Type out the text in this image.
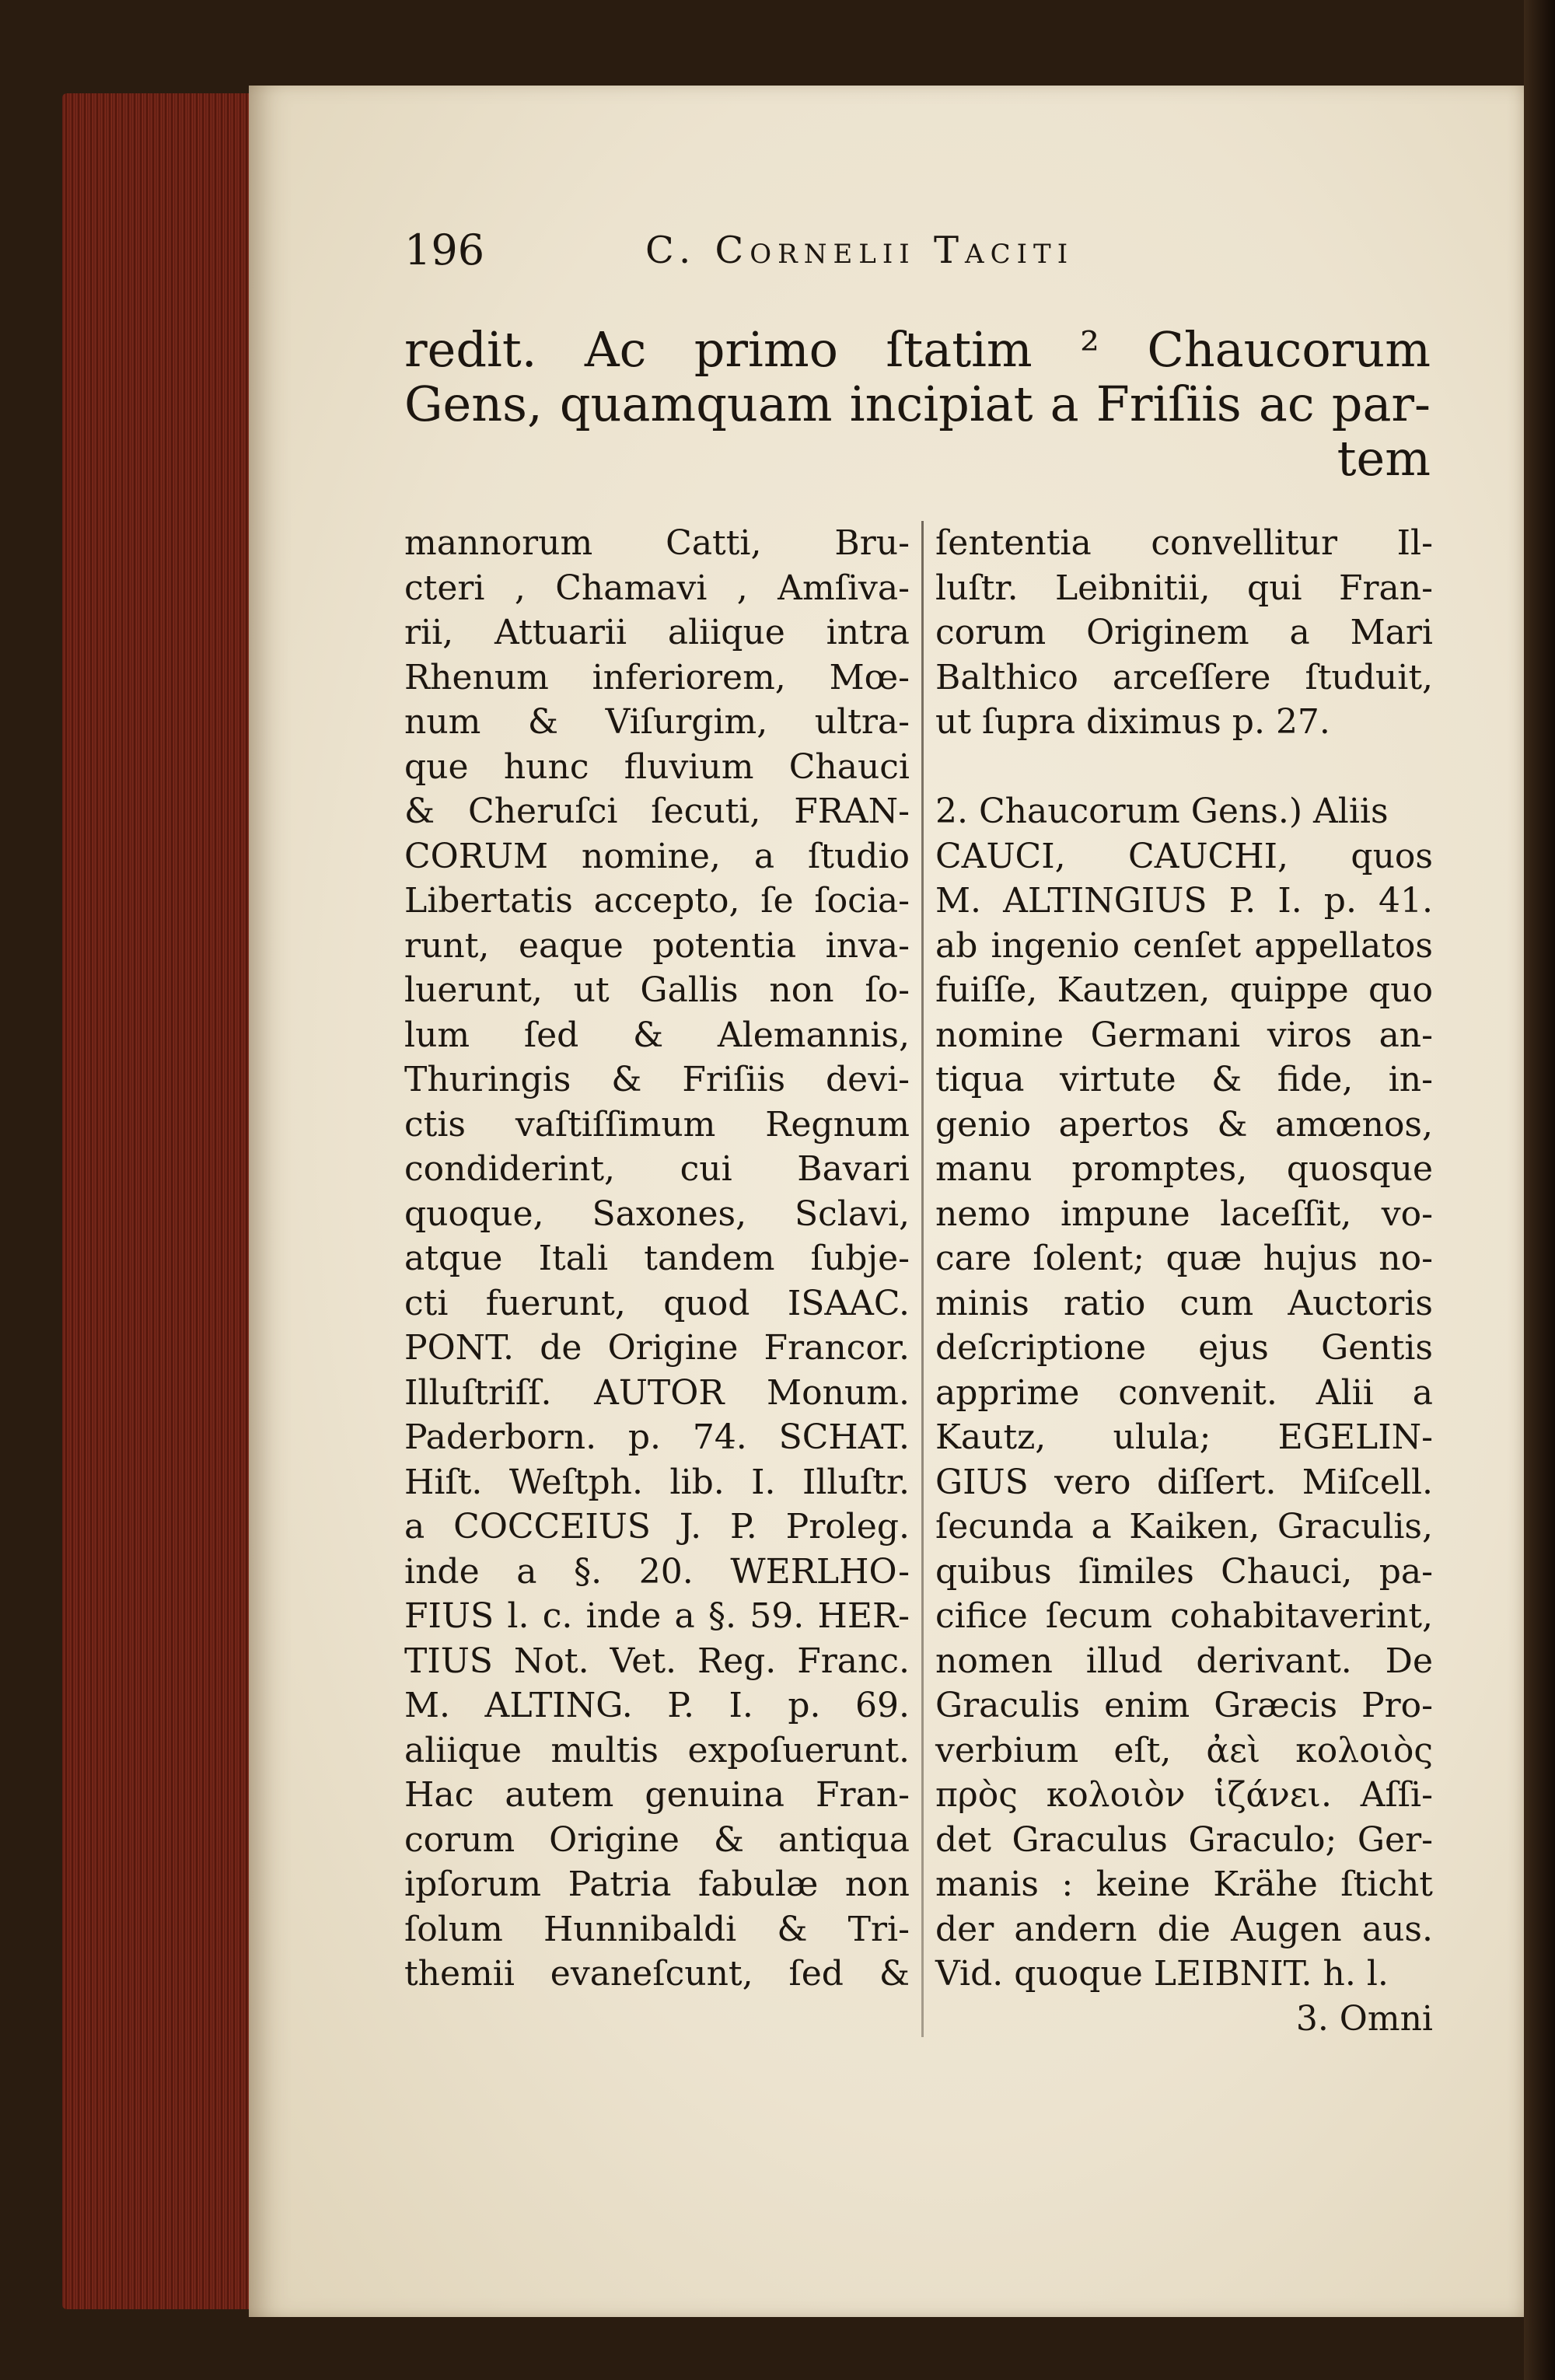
196	C. Cornelii Taciti
redit. Ac primo ſtatim ² Chaucorum
Gens, quamquam incipiat a Friſiis ac par-
tem
mannorum Catti, Bru-
cteri , Chamavi , Amſiva-
rii, Attuarii aliique intra
Rhenum inferiorem, Mœ-
num & Viſurgim, ultra-
que hunc fluvium Chauci
& Cheruſci ſecuti, FRAN-
CORUM nomine, a ſtudio
Libertatis accepto, ſe ſocia-
runt, eaque potentia inva-
luerunt, ut Gallis non ſo-
lum ſed & Alemannis,
Thuringis & Friſiis devi-
ctis vaſtiſſimum Regnum
condiderint, cui Bavari
quoque, Saxones, Sclavi,
atque Itali tandem ſubje-
cti fuerunt, quod ISAAC.
PONT. de Origine Francor.
Illuſtriſſ. AUTOR Monum.
Paderborn. p. 74. SCHAT.
Hiſt. Weſtph. lib. I. Illuſtr.
a COCCEIUS J. P. Proleg.
inde a §. 20. WERLHO-
FIUS l. c. inde a §. 59. HER-
TIUS Not. Vet. Reg. Franc.
M. ALTING. P. I. p. 69.
aliique multis expoſuerunt.
Hac autem genuina Fran-
corum Origine & antiqua
ipſorum Patria fabulæ non
ſolum Hunnibaldi & Tri-
themii evaneſcunt, ſed &
ſententia convellitur Il-
luſtr. Leibnitii, qui Fran-
corum Originem a Mari
Balthico arceſſere ſtuduit,
ut ſupra diximus p. 27.
2. Chaucorum Gens.) Aliis
CAUCI, CAUCHI, quos
M. ALTINGIUS P. I. p. 41.
ab ingenio cenſet appellatos
fuiſſe, Kautzen, quippe quo
nomine Germani viros an-
tiqua virtute & fide, in-
genio apertos & amœnos,
manu promptes, quosque
nemo impune laceſſit, vo-
care ſolent; quæ hujus no-
minis ratio cum Auctoris
deſcriptione ejus Gentis
apprime convenit. Alii a
Kautz, ulula; EGELIN-
GIUS vero diſſert. Miſcell.
ſecunda a Kaiken, Graculis,
quibus ſimiles Chauci, pa-
cifice ſecum cohabitaverint,
nomen illud derivant. De
Graculis enim Græcis Pro-
verbium eſt, ἀεὶ κολοιὸς
πρὸς κολοιὸν ἱζάνει. Aſſi-
det Graculus Graculo; Ger-
manis : keine Krähe ſticht
der andern die Augen aus.
Vid. quoque LEIBNIT. h. l.
3. Omni
